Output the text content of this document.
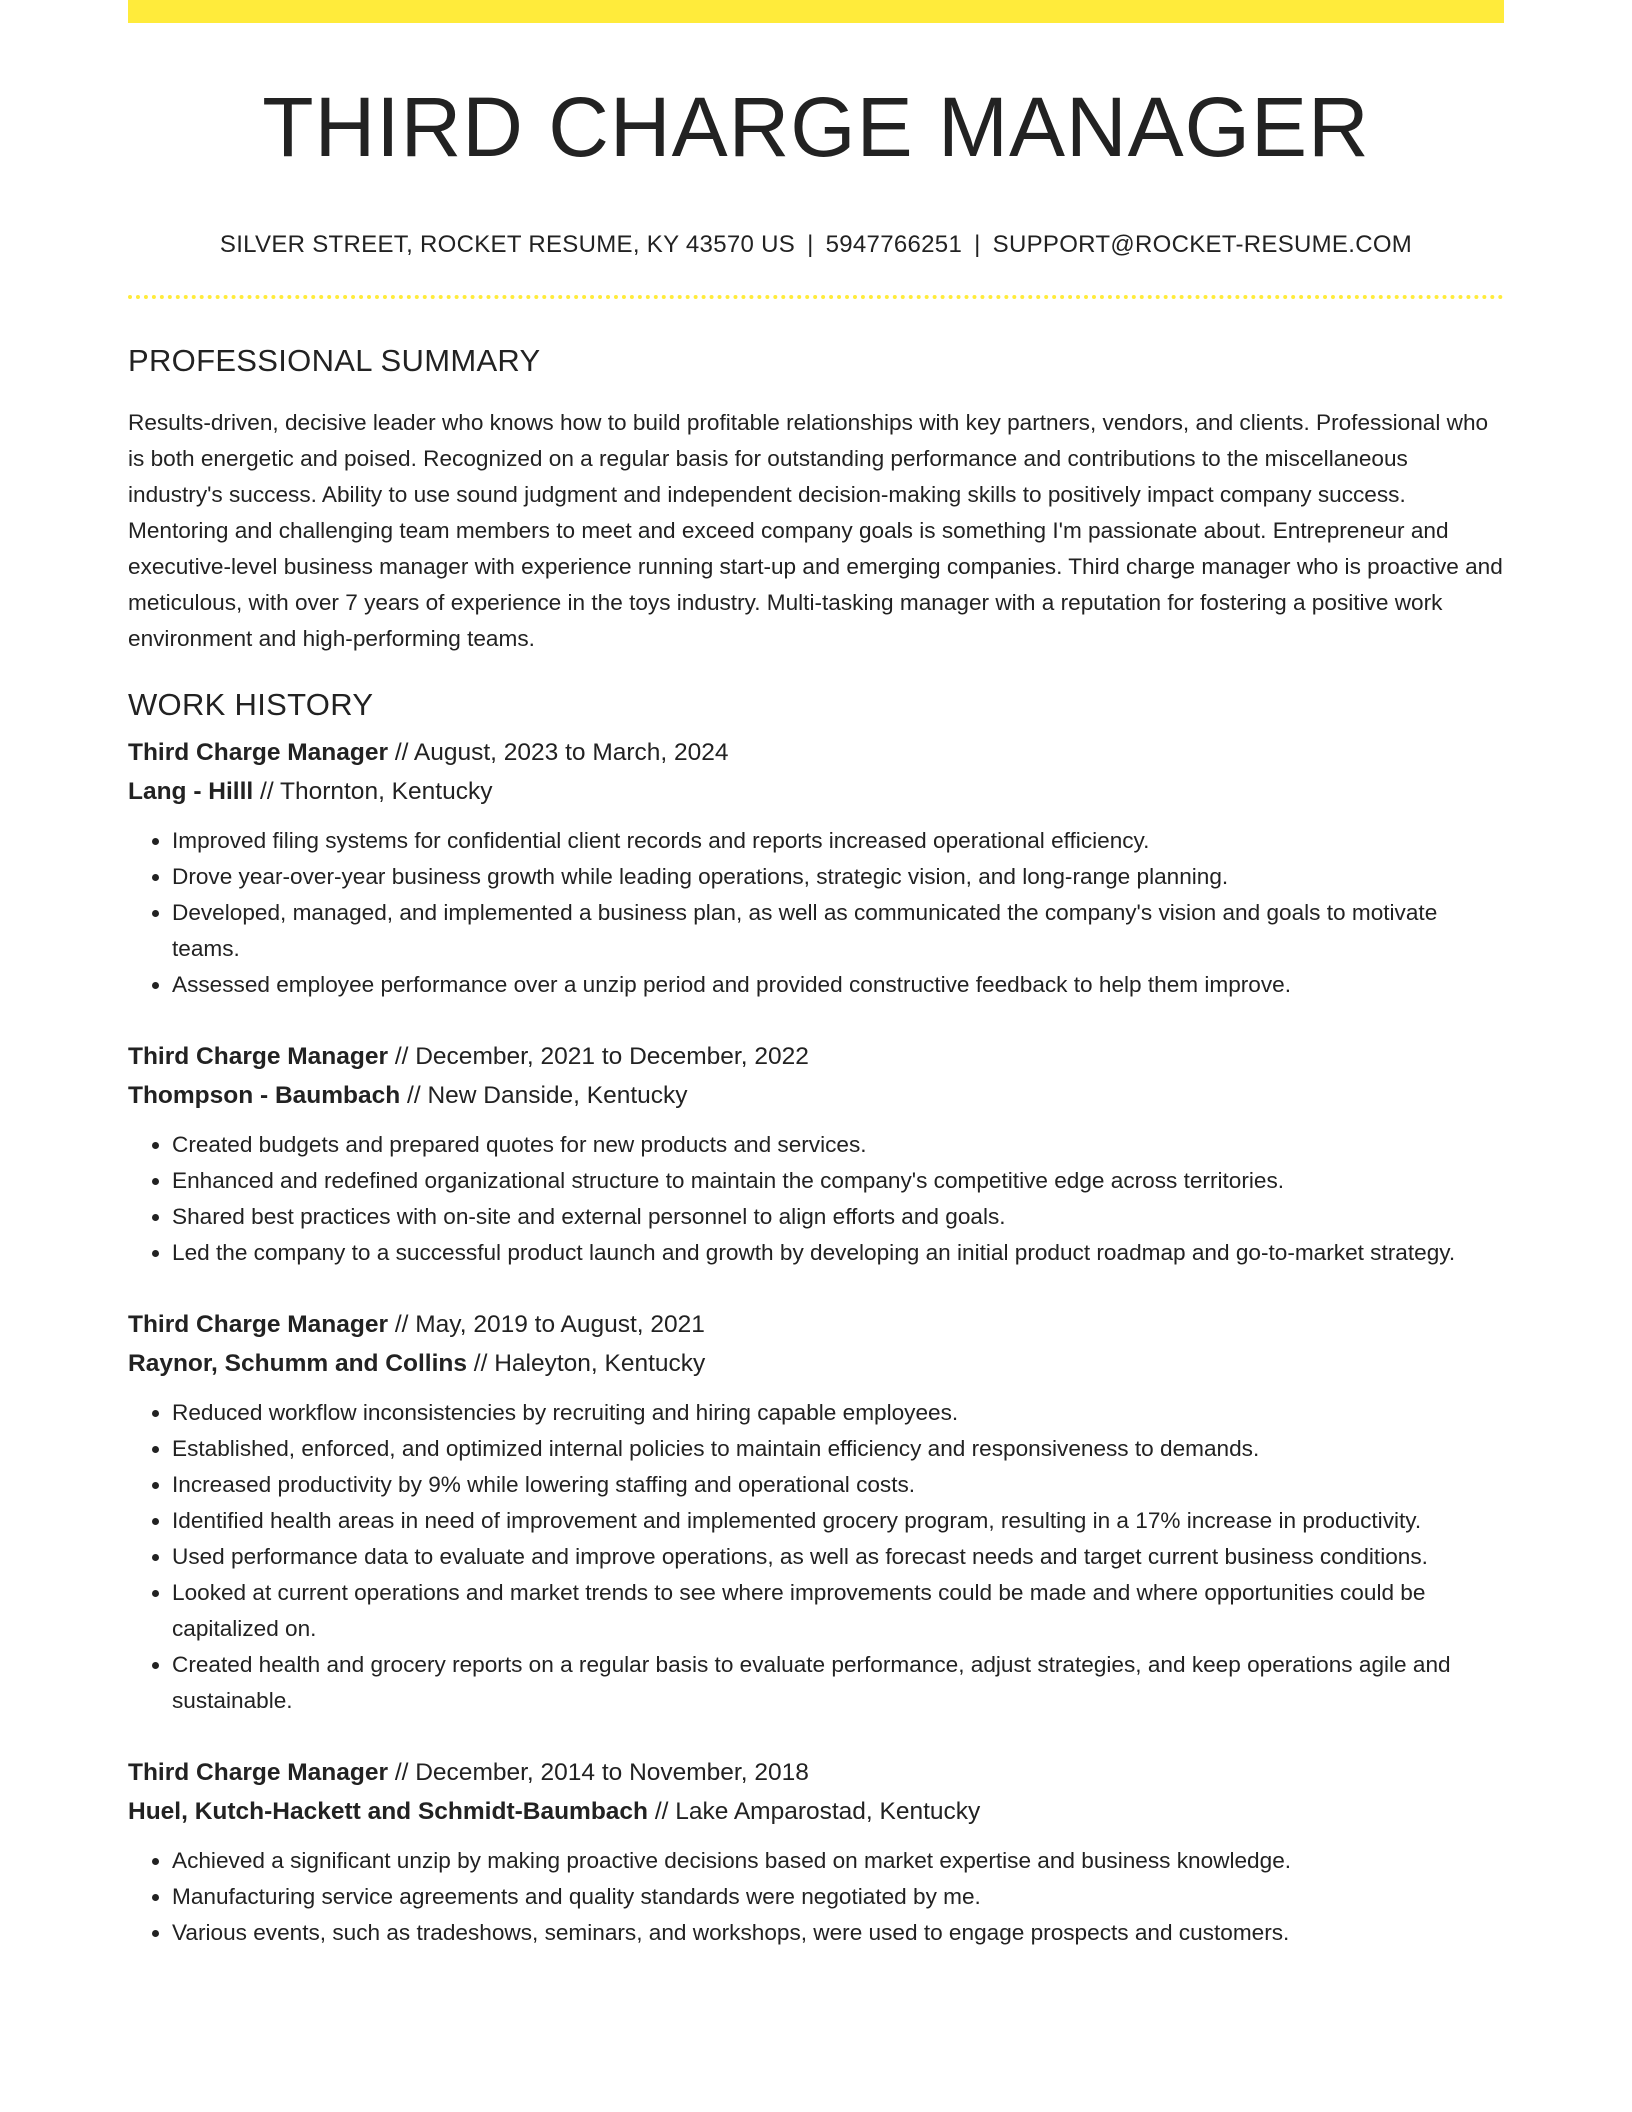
THIRD CHARGE MANAGER
SILVER STREET, ROCKET RESUME, KY 43570 US | 5947766251 | SUPPORT@ROCKET-RESUME.COM
PROFESSIONAL SUMMARY

Results-driven, decisive leader who knows how to build profitable relationships with key partners, vendors, and clients. Professional who is both energetic and poised. Recognized on a regular basis for outstanding performance and contributions to the miscellaneous industry's success. Ability to use sound judgment and independent decision-making skills to positively impact company success. Mentoring and challenging team members to meet and exceed company goals is something I'm passionate about. Entrepreneur and executive-level business manager with experience running start-up and emerging companies. Third charge manager who is proactive and meticulous, with over 7 years of experience in the toys industry. Multi-tasking manager with a reputation for fostering a positive work environment and high-performing teams.

WORK HISTORY
Third Charge Manager // August, 2023 to March, 2024
Lang - Hilll // Thornton, Kentucky
• Improved filing systems for confidential client records and reports increased operational efficiency.
• Drove year-over-year business growth while leading operations, strategic vision, and long-range planning.
• Developed, managed, and implemented a business plan, as well as communicated the company's vision and goals to motivate teams.
• Assessed employee performance over a unzip period and provided constructive feedback to help them improve.
Third Charge Manager // December, 2021 to December, 2022
Thompson - Baumbach // New Danside, Kentucky
• Created budgets and prepared quotes for new products and services.
• Enhanced and redefined organizational structure to maintain the company's competitive edge across territories.
• Shared best practices with on-site and external personnel to align efforts and goals.
• Led the company to a successful product launch and growth by developing an initial product roadmap and go-to-market strategy.
Third Charge Manager // May, 2019 to August, 2021
Raynor, Schumm and Collins // Haleyton, Kentucky
• Reduced workflow inconsistencies by recruiting and hiring capable employees.
• Established, enforced, and optimized internal policies to maintain efficiency and responsiveness to demands.
• Increased productivity by 9% while lowering staffing and operational costs.
• Identified health areas in need of improvement and implemented grocery program, resulting in a 17% increase in productivity.
• Used performance data to evaluate and improve operations, as well as forecast needs and target current business conditions.
• Looked at current operations and market trends to see where improvements could be made and where opportunities could be capitalized on.
• Created health and grocery reports on a regular basis to evaluate performance, adjust strategies, and keep operations agile and sustainable.
Third Charge Manager // December, 2014 to November, 2018
Huel, Kutch-Hackett and Schmidt-Baumbach // Lake Amparostad, Kentucky
• Achieved a significant unzip by making proactive decisions based on market expertise and business knowledge.
• Manufacturing service agreements and quality standards were negotiated by me.
• Various events, such as tradeshows, seminars, and workshops, were used to engage prospects and customers.
